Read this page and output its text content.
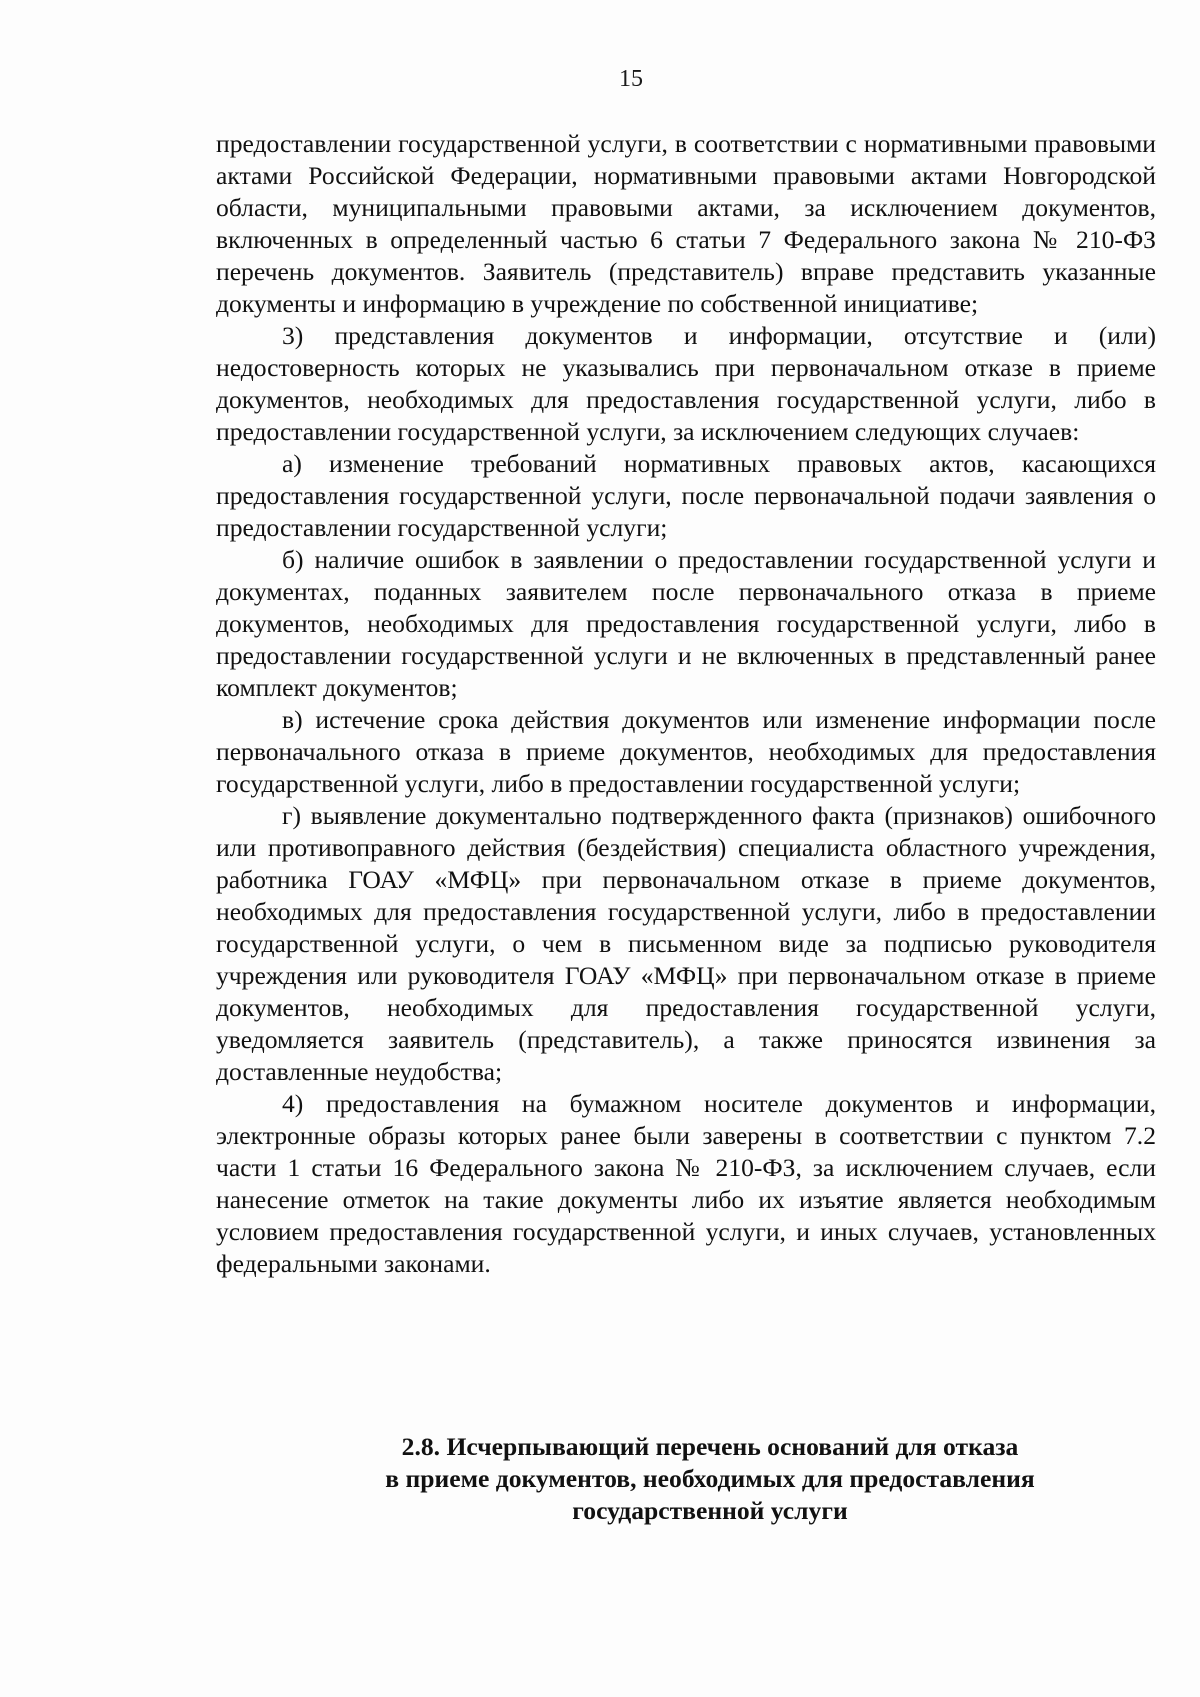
15

предоставлении государственной услуги, в соответствии с нормативными правовыми актами Российской Федерации, нормативными правовыми актами Новгородской области, муниципальными правовыми актами, за исключением документов, включенных в определенный частью 6 статьи 7 Федерального закона № 210-ФЗ перечень документов. Заявитель (представитель) вправе представить указанные документы и информацию в учреждение по собственной инициативе;

3) представления документов и информации, отсутствие и (или) недостоверность которых не указывались при первоначальном отказе в приеме документов, необходимых для предоставления государственной услуги, либо в предоставлении государственной услуги, за исключением следующих случаев:

а) изменение требований нормативных правовых актов, касающихся предоставления государственной услуги, после первоначальной подачи заявления о предоставлении государственной услуги;

б) наличие ошибок в заявлении о предоставлении государственной услуги и документах, поданных заявителем после первоначального отказа в приеме документов, необходимых для предоставления государственной услуги, либо в предоставлении государственной услуги и не включенных в представленный ранее комплект документов;

в) истечение срока действия документов или изменение информации после первоначального отказа в приеме документов, необходимых для предоставления государственной услуги, либо в предоставлении государственной услуги;

г) выявление документально подтвержденного факта (признаков) ошибочного или противоправного действия (бездействия) специалиста областного учреждения, работника ГОАУ «МФЦ» при первоначальном отказе в приеме документов, необходимых для предоставления государственной услуги, либо в предоставлении государственной услуги, о чем в письменном виде за подписью руководителя учреждения или руководителя ГОАУ «МФЦ» при первоначальном отказе в приеме документов, необходимых для предоставления государственной услуги, уведомляется заявитель (представитель), а также приносятся извинения за доставленные неудобства;

4) предоставления на бумажном носителе документов и информации, электронные образы которых ранее были заверены в соответствии с пунктом 7.2 части 1 статьи 16 Федерального закона № 210-ФЗ, за исключением случаев, если нанесение отметок на такие документы либо их изъятие является необходимым условием предоставления государственной услуги, и иных случаев, установленных федеральными законами.

2.8. Исчерпывающий перечень оснований для отказа
в приеме документов, необходимых для предоставления
государственной услуги
